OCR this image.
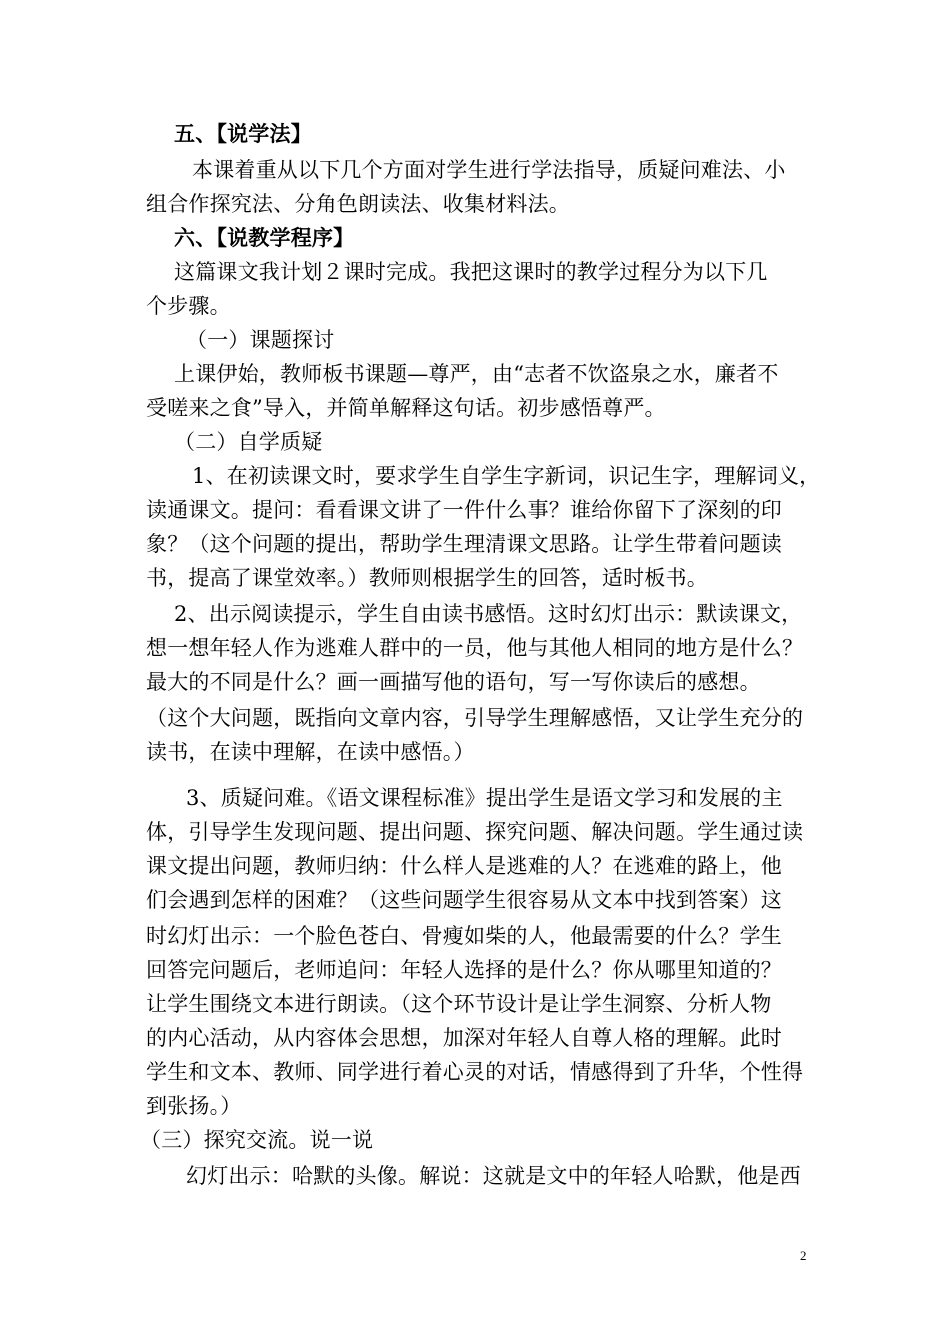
五、【说学法】
本课着重从以下几个方面对学生进行学法指导，质疑问难法、小
组合作探究法、分角色朗读法、收集材料法。
六、【说教学程序】
这篇课文我计划２课时完成。我把这课时的教学过程分为以下几
个步骤。
（一）课题探讨
上课伊始，教师板书课题—尊严，由“志者不饮盗泉之水，廉者不
受嗟来之食”导入，并简单解释这句话。初步感悟尊严。
（二）自学质疑
1、在初读课文时，要求学生自学生字新词，识记生字，理解词义，
读通课文。提问：看看课文讲了一件什么事？谁给你留下了深刻的印
象？（这个问题的提出，帮助学生理清课文思路。让学生带着问题读
书，提高了课堂效率。）教师则根据学生的回答，适时板书。
2、出示阅读提示，学生自由读书感悟。这时幻灯出示：默读课文，
想一想年轻人作为逃难人群中的一员，他与其他人相同的地方是什么？
最大的不同是什么？画一画描写他的语句，写一写你读后的感想。
（这个大问题，既指向文章内容，引导学生理解感悟，又让学生充分的
读书，在读中理解，在读中感悟。）
3、质疑问难。《语文课程标准》提出学生是语文学习和发展的主
体，引导学生发现问题、提出问题、探究问题、解决问题。学生通过读
课文提出问题，教师归纳：什么样人是逃难的人？在逃难的路上，他
们会遇到怎样的困难？（这些问题学生很容易从文本中找到答案）这
时幻灯出示：一个脸色苍白、骨瘦如柴的人，他最需要的什么？学生
回答完问题后，老师追问：年轻人选择的是什么？你从哪里知道的？
让学生围绕文本进行朗读。（这个环节设计是让学生洞察、分析人物
的内心活动，从内容体会思想，加深对年轻人自尊人格的理解。此时
学生和文本、教师、同学进行着心灵的对话，情感得到了升华，个性得
到张扬。）
（三）探究交流。说一说
幻灯出示：哈默的头像。解说：这就是文中的年轻人哈默，他是西
2
